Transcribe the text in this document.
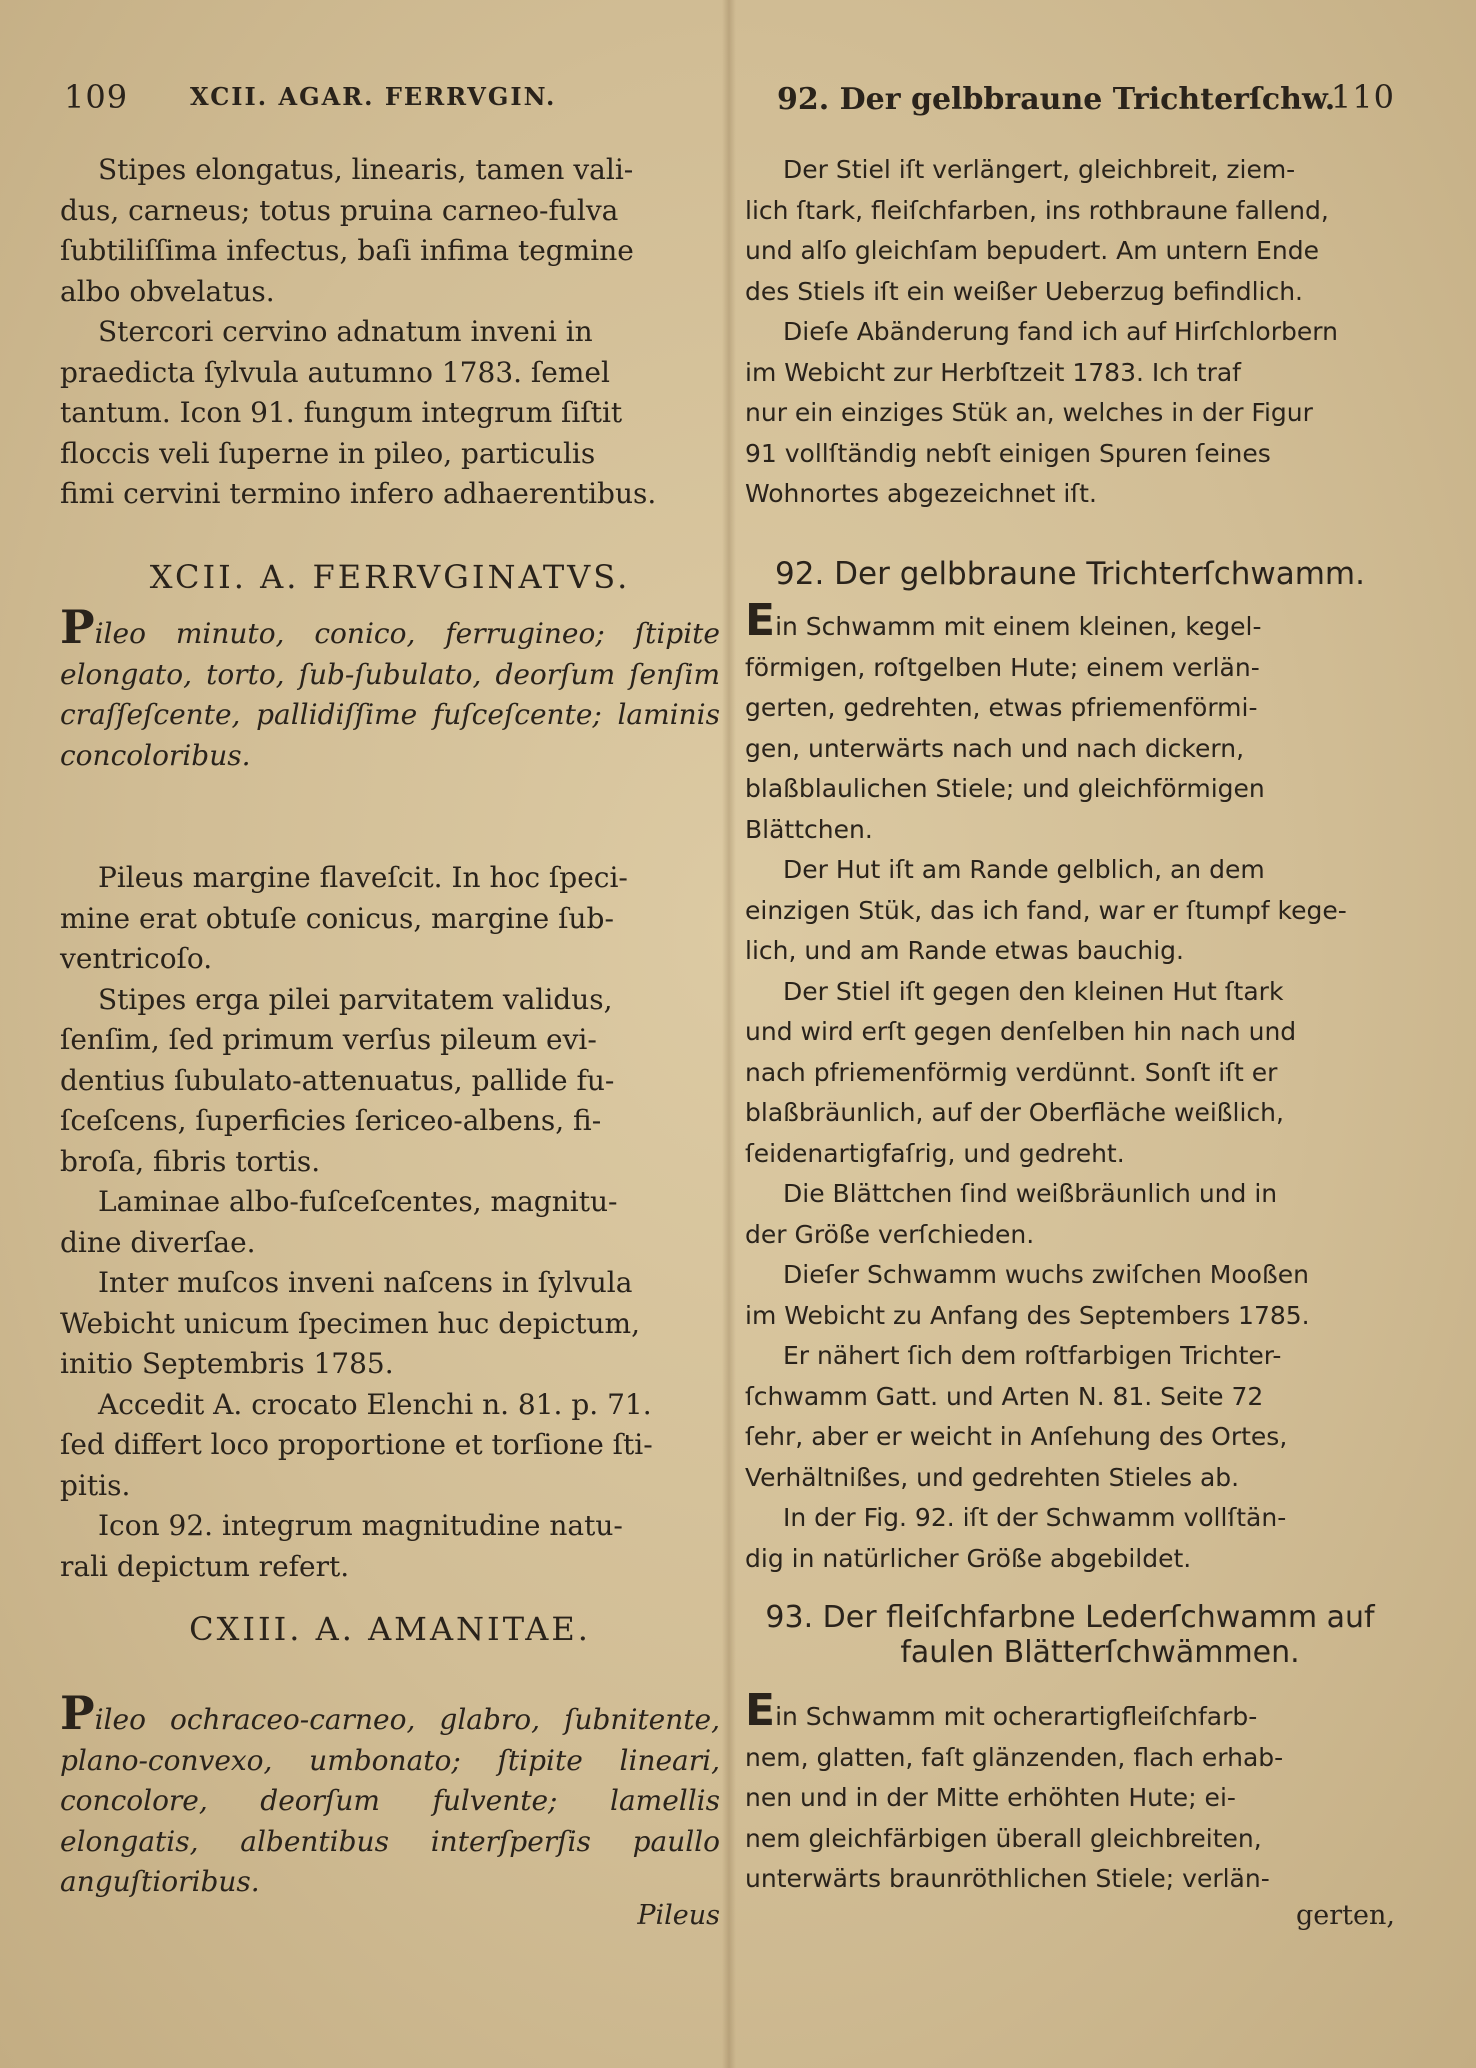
109	XCII. AGAR. FERRVGIN.

Stipes elongatus, linearis, tamen vali-

dus, carneus; totus pruina carneo-fulva

ſubtiliſſima infectus, baſi infima tegmine

albo obvelatus.

Stercori cervino adnatum inveni in

praedicta ſylvula autumno 1783. ſemel

tantum. Icon 91. fungum integrum ſiſtit

floccis veli ſuperne in pileo, particulis

fimi cervini termino infero adhaerentibus.

XCII. A. FERRVGINATVS.
Pileo minuto, conico, ferrugineo; ſtipite elongato, torto, ſub-ſubulato, deorſum ſenſim craſſeſcente, pallidiſſime fuſceſcente; laminis concoloribus.

Pileus margine flaveſcit. In hoc ſpeci-

mine erat obtuſe conicus, margine ſub-

ventricoſo.

Stipes erga pilei parvitatem validus,

ſenſim, ſed primum verſus pileum evi-

dentius ſubulato-attenuatus, pallide fu-

ſceſcens, ſuperficies ſericeo-albens, fi-

broſa, fibris tortis.

Laminae albo-fuſceſcentes, magnitu-

dine diverſae.

Inter muſcos inveni naſcens in ſylvula

Webicht unicum ſpecimen huc depictum,

initio Septembris 1785.

Accedit A. crocato Elenchi n. 81. p. 71.

ſed differt loco proportione et torſione ſti-

pitis.

Icon 92. integrum magnitudine natu-

rali depictum refert.

CXIII. A. AMANITAE.
Pileo ochraceo-carneo, glabro, ſubnitente, plano-convexo, umbonato; ſtipite lineari, concolore, deorſum fulvente; lamellis elongatis, albentibus interſperſis paullo anguſtioribus.
Pileus
92. Der gelbbraune Trichterſchw.
110

Der Stiel iſt verlängert, gleichbreit, ziem-

lich ſtark, fleiſchfarben, ins rothbraune fallend,

und alſo gleichſam bepudert. Am untern Ende

des Stiels iſt ein weißer Ueberzug befindlich.

Dieſe Abänderung fand ich auf Hirſchlorbern

im Webicht zur Herbſtzeit 1783. Ich traf

nur ein einziges Stük an, welches in der Figur

91 vollſtändig nebſt einigen Spuren ſeines

Wohnortes abgezeichnet iſt.

92. Der gelbbraune Trichterſchwamm.

Ein Schwamm mit einem kleinen, kegel-

förmigen, roſtgelben Hute; einem verlän-

gerten, gedrehten, etwas pfriemenförmi-

gen, unterwärts nach und nach dickern,

blaßblaulichen Stiele; und gleichförmigen

Blättchen.

Der Hut iſt am Rande gelblich, an dem

einzigen Stük, das ich fand, war er ſtumpf kege-

lich, und am Rande etwas bauchig.

Der Stiel iſt gegen den kleinen Hut ſtark

und wird erſt gegen denſelben hin nach und

nach pfriemenförmig verdünnt. Sonſt iſt er

blaßbräunlich, auf der Oberfläche weißlich,

ſeidenartigfaſrig, und gedreht.

Die Blättchen ſind weißbräunlich und in

der Größe verſchieden.

Dieſer Schwamm wuchs zwiſchen Mooßen

im Webicht zu Anfang des Septembers 1785.

Er nähert ſich dem roſtfarbigen Trichter-

ſchwamm Gatt. und Arten N. 81. Seite 72

ſehr, aber er weicht in Anſehung des Ortes,

Verhältnißes, und gedrehten Stieles ab.

In der Fig. 92. iſt der Schwamm vollſtän-

dig in natürlicher Größe abgebildet.

93. Der fleiſchfarbne Lederſchwamm auf
faulen Blätterſchwämmen.

Ein Schwamm mit ocherartigfleiſchfarb-

nem, glatten, faſt glänzenden, flach erhab-

nen und in der Mitte erhöhten Hute; ei-

nem gleichfärbigen überall gleichbreiten,

unterwärts braunröthlichen Stiele; verlän-

gerten,
